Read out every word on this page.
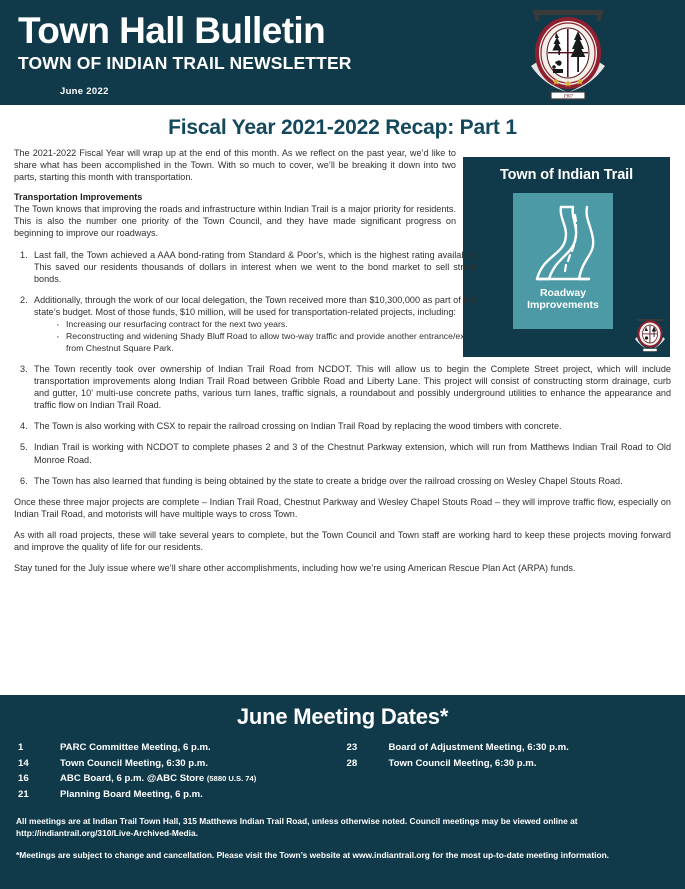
Town Hall Bulletin
TOWN OF INDIAN TRAIL NEWSLETTER
June 2022	1907
Fiscal Year 2021-2022 Recap: Part 1
Town of Indian Trail
Roadway
Improvements

The 2021-2022 Fiscal Year will wrap up at the end of this month. As we reflect on the past year, we’d like to share what has been accomplished in the Town. With so much to cover, we’ll be breaking it down into two parts, starting this month with transportation.

Transportation Improvements

The Town knows that improving the roads and infrastructure within Indian Trail is a major priority for residents. This is also the number one priority of the Town Council, and they have made significant progress on beginning to improve our roadways.

Last fall, the Town achieved a AAA bond-rating from Standard & Poor’s, which is the highest rating available. This saved our residents thousands of dollars in interest when we went to the bond market to sell street bonds.
Additionally, through the work of our local delegation, the Town received more than $10,300,000 as part of the state’s budget. Most of those funds, $10 million, will be used for transportation-related projects, including:
· Increasing our resurfacing contract for the next two years.
· Reconstructing and widening Shady Bluff Road to allow two-way traffic and provide another entrance/exit from Chestnut Square Park.
The Town recently took over ownership of Indian Trail Road from NCDOT. This will allow us to begin the Complete Street project, which will include transportation improvements along Indian Trail Road between Gribble Road and Liberty Lane. This project will consist of constructing storm drainage, curb and gutter, 10’ multi-use concrete paths, various turn lanes, traffic signals, a roundabout and possibly underground utilities to enhance the appearance and traffic flow on Indian Trail Road.
The Town is also working with CSX to repair the railroad crossing on Indian Trail Road by replacing the wood timbers with concrete.
Indian Trail is working with NCDOT to complete phases 2 and 3 of the Chestnut Parkway extension, which will run from Matthews Indian Trail Road to Old Monroe Road.
The Town has also learned that funding is being obtained by the state to create a bridge over the railroad crossing on Wesley Chapel Stouts Road.

Once these three major projects are complete – Indian Trail Road, Chestnut Parkway and Wesley Chapel Stouts Road – they will improve traffic flow, especially on Indian Trail Road, and motorists will have multiple ways to cross Town.

As with all road projects, these will take several years to complete, but the Town Council and Town staff are working hard to keep these projects moving forward and improve the quality of life for our residents.

Stay tuned for the July issue where we’ll share other accomplishments, including how we’re using American Rescue Plan Act (ARPA) funds.

June Meeting Dates*
1	PARC Committee Meeting, 6 p.m.
14	Town Council Meeting, 6:30 p.m.
16	ABC Board, 6 p.m. @ABC Store (5880 U.S. 74)
21	Planning Board Meeting, 6 p.m.
23	Board of Adjustment Meeting, 6:30 p.m.
28	Town Council Meeting, 6:30 p.m.
All meetings are at Indian Trail Town Hall, 315 Matthews Indian Trail Road, unless otherwise noted. Council meetings may be viewed online at http://indiantrail.org/310/Live-Archived-Media.
*Meetings are subject to change and cancellation. Please visit the Town’s website at www.indiantrail.org for the most up-to-date meeting information.
